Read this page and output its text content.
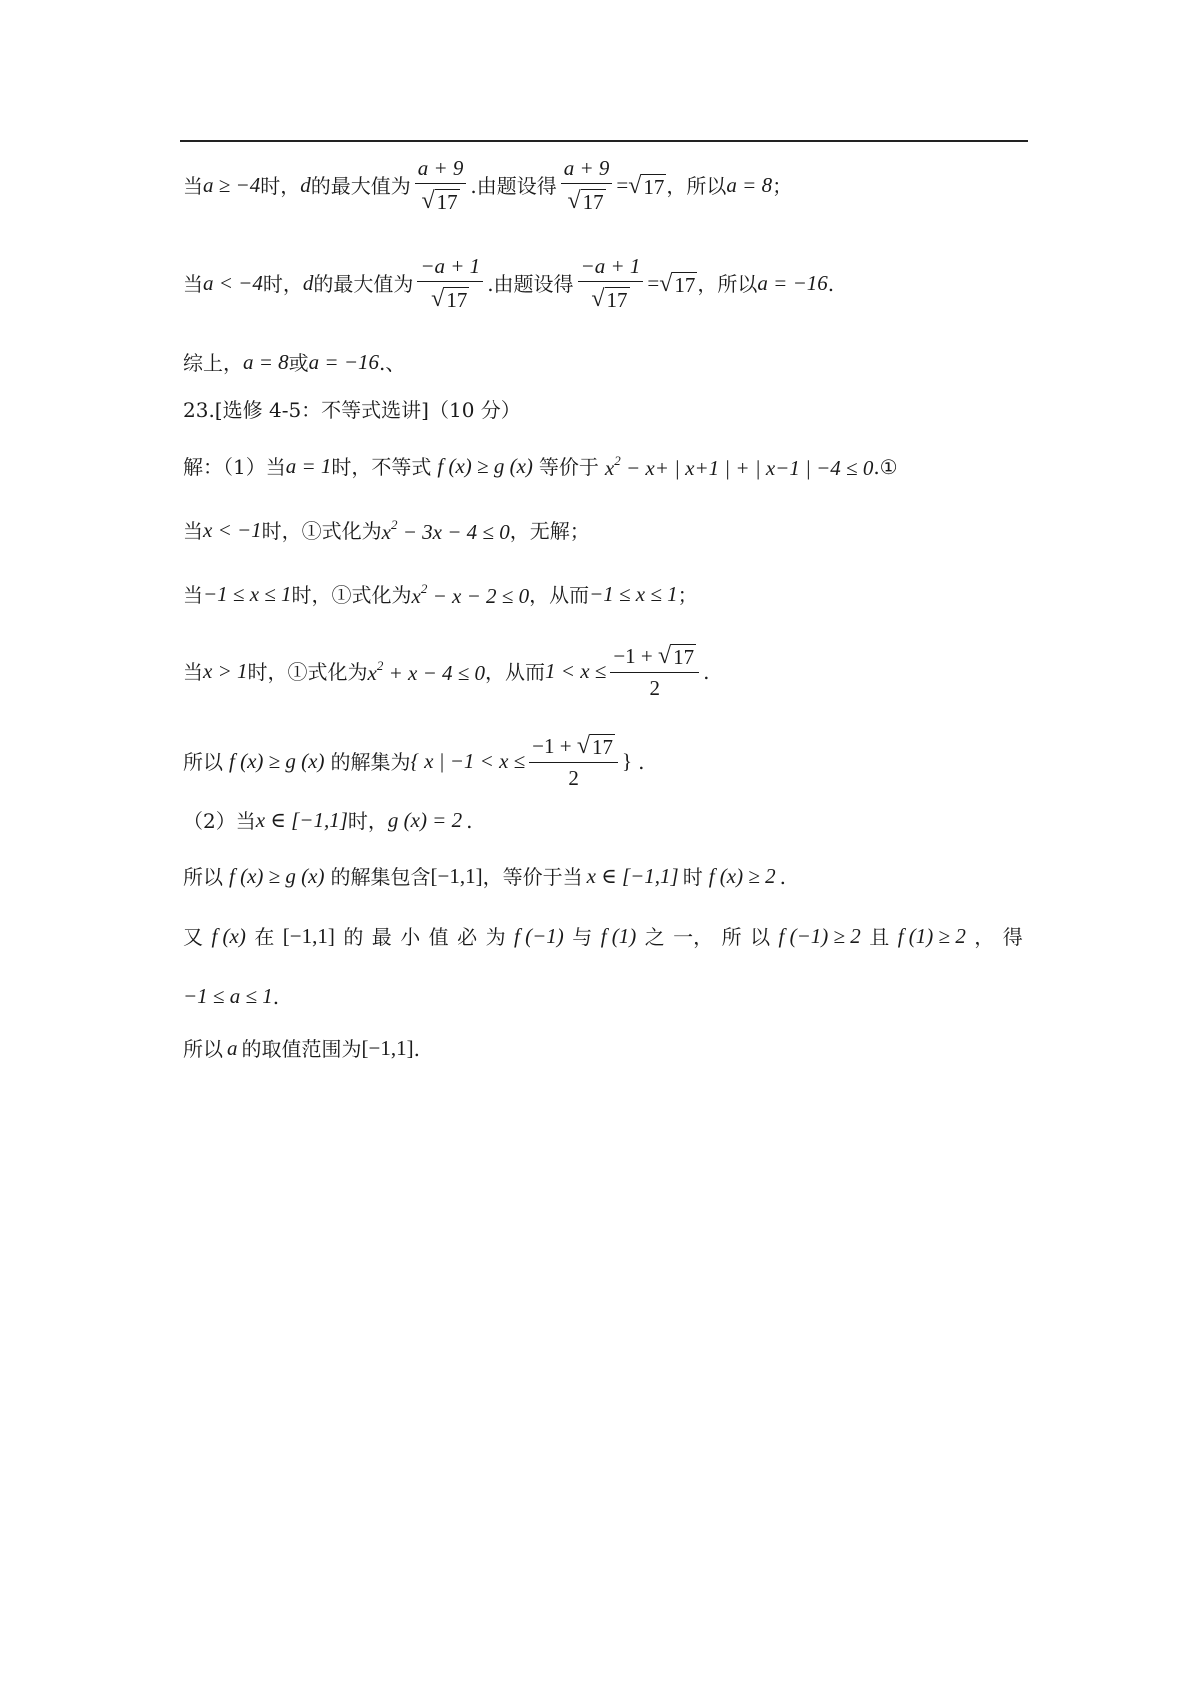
当 a ≥ −4 时， d 的最大值为 $\frac{a + 9}{√ 17}$ .由题设得 $\frac{a + 9}{√ 17}$ = √ 17 ，所以 a = 8 ；
当 a < −4 时， d 的最大值为 $\frac{-a + 1}{√ 17}$ .由题设得 $\frac{-a + 1}{√ 17}$ = √ 17 ，所以 a = −16 .
综上， a = 8 或 a = −16 .、
23.[选修 4-5：不等式选讲]（10 分）
解：（1）当 a = 1 时，不等式 f (x) ≥ g (x) 等价于 $x^2 - x+$ | x+1 | + | x−1 | −4 ≤ 0 .①
当 x < −1 时，①式化为 $x^2 - 3x - 4 \le 0$ ，无解；
当 −1 ≤ x ≤ 1 时，①式化为 $x^2 - x - 2 \le 0$ ，从而 −1 ≤ x ≤ 1 ；
当 x > 1 时，①式化为 $x^2 + x - 4 \le 0$ ，从而 $1 < x \le \frac{-1 + √ 17}{2}$ .
所以 f (x) ≥ g (x) 的解集为 { x | $-1 < x \le \frac{-1 + √ 17}{2}$ } .
（2）当 x ∈ [−1,1] 时， g (x) = 2 .
所以 f (x) ≥ g (x) 的解集包含 [−1,1] ，等价于当 x ∈ [−1,1] 时 f (x) ≥ 2 .
又 f (x) 在 [−1,1] 的 最 小 值 必 为 f (−1) 与 f (1) 之 一， 所 以 f (−1) ≥ 2 且 f (1) ≥ 2 ， 得
−1 ≤ a ≤ 1 .
所以 a 的取值范围为 [−1,1] .
